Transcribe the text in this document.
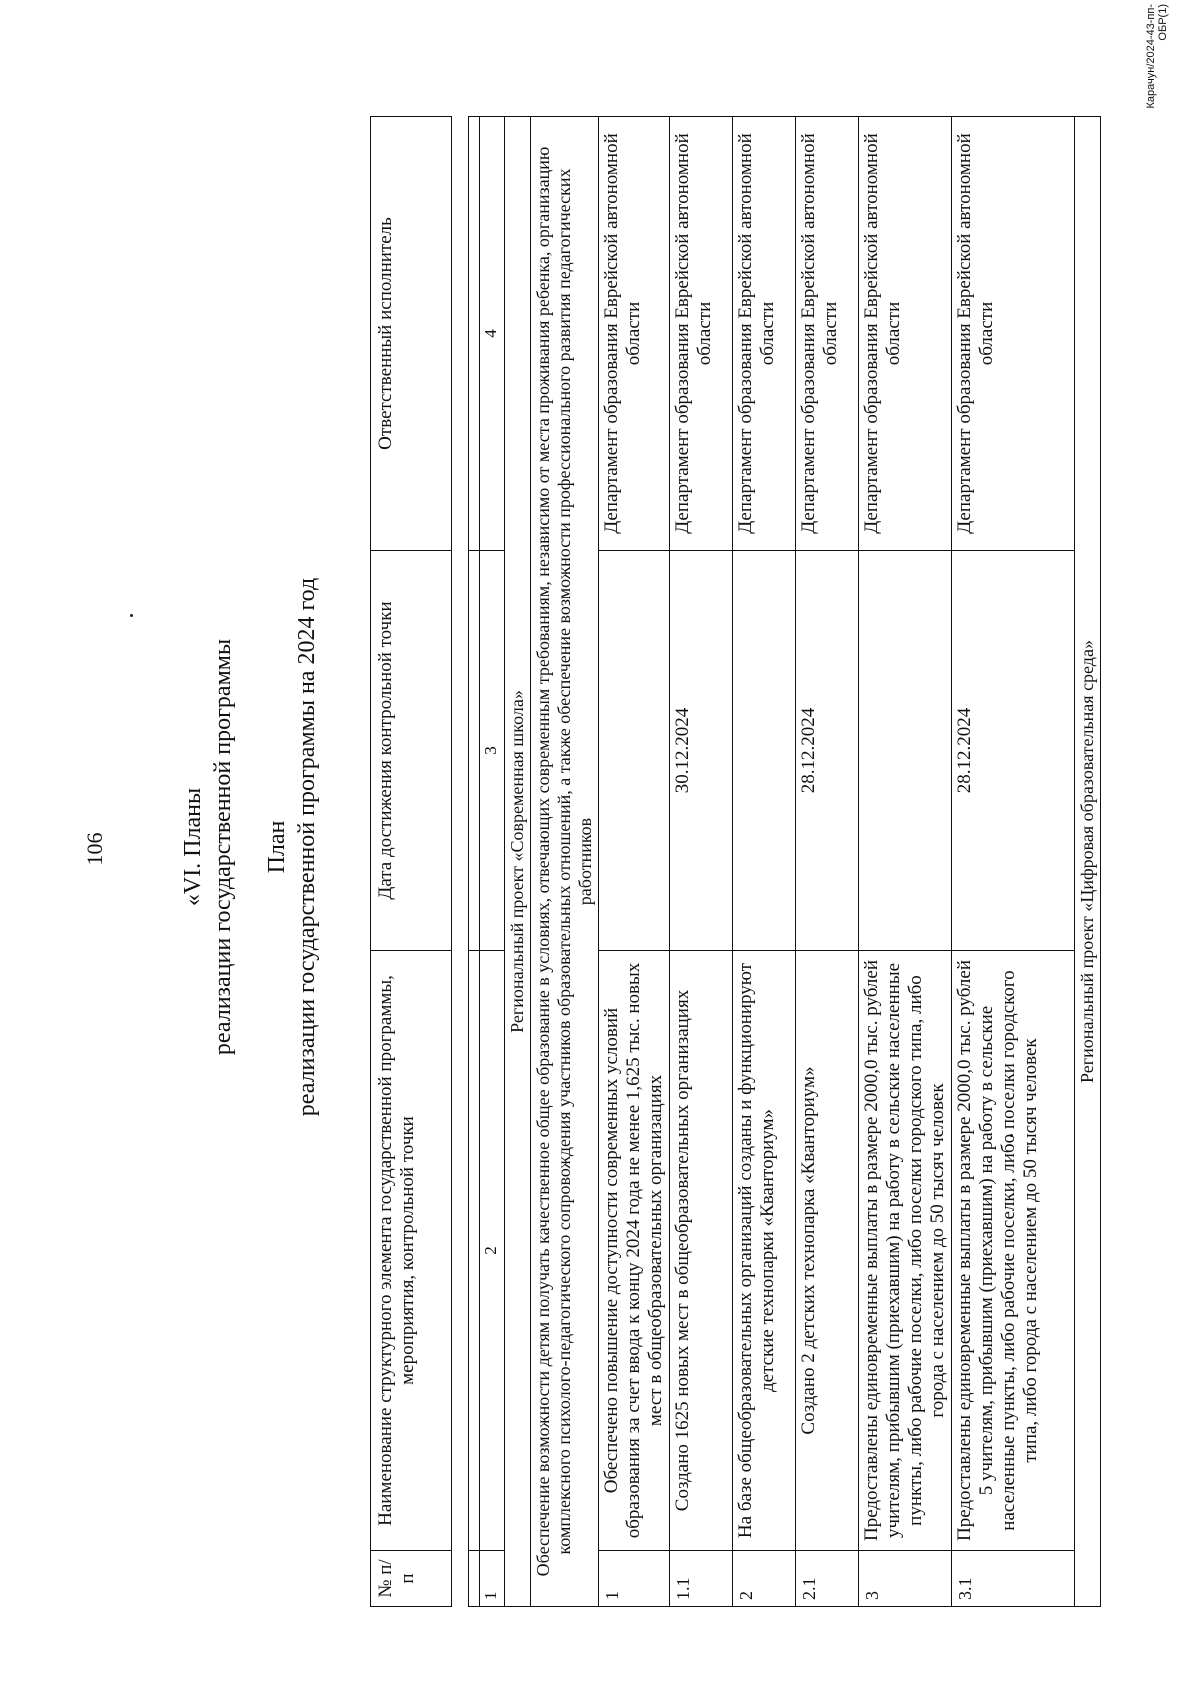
106	«VI. Планы реализации государственной программы План реализации государственной программы на 2024 год
№ п/п	Наименование структурного элемента государственной программы, мероприятия, контрольной точки	Дата достижения контрольной точки	Ответственный исполнитель

1	2	3	4
Региональный проект «Современная школа»			
Обеспечение возможности детям получать качественное общее образование в условиях, отвечающих современным требованиям, независимо от места проживания ребенка, организацию комплексного психолого-педагогического сопровождения участников образовательных отношений, а также обеспечение возможности профессионального развития педагогических работников			
1	Обеспечено повышение доступности современных условий образования за счет ввода к концу 2024 года не менее 1,625 тыс. новых мест в общеобразовательных организациях		Департамент образования Еврейской автономной области
1.1	Создано 1625 новых мест в общеобразовательных организациях	30.12.2024	Департамент образования Еврейской автономной области
2	На базе общеобразовательных организаций созданы и функционируют детские технопарки «Кванториум»		Департамент образования Еврейской автономной области
2.1	Создано 2 детских технопарка «Кванториум»	28.12.2024	Департамент образования Еврейской автономной области
3	Предоставлены единовременные выплаты в размере 2000,0 тыс. рублей учителям, прибывшим (приехавшим) на работу в сельские населенные пункты, либо рабочие поселки, либо поселки городского типа, либо города с населением до 50 тысяч человек		Департамент образования Еврейской автономной области
3.1	Предоставлены единовременные выплаты в размере 2000,0 тыс. рублей 5 учителям, прибывшим (приехавшим) на работу в сельские населенные пункты, либо рабочие поселки, либо поселки городского типа, либо города с населением до 50 тысяч человек	28.12.2024	Департамент образования Еврейской автономной области
Региональный проект «Цифровая образовательная среда»			
Карачун/2024-43-пп-ОБР(1)
